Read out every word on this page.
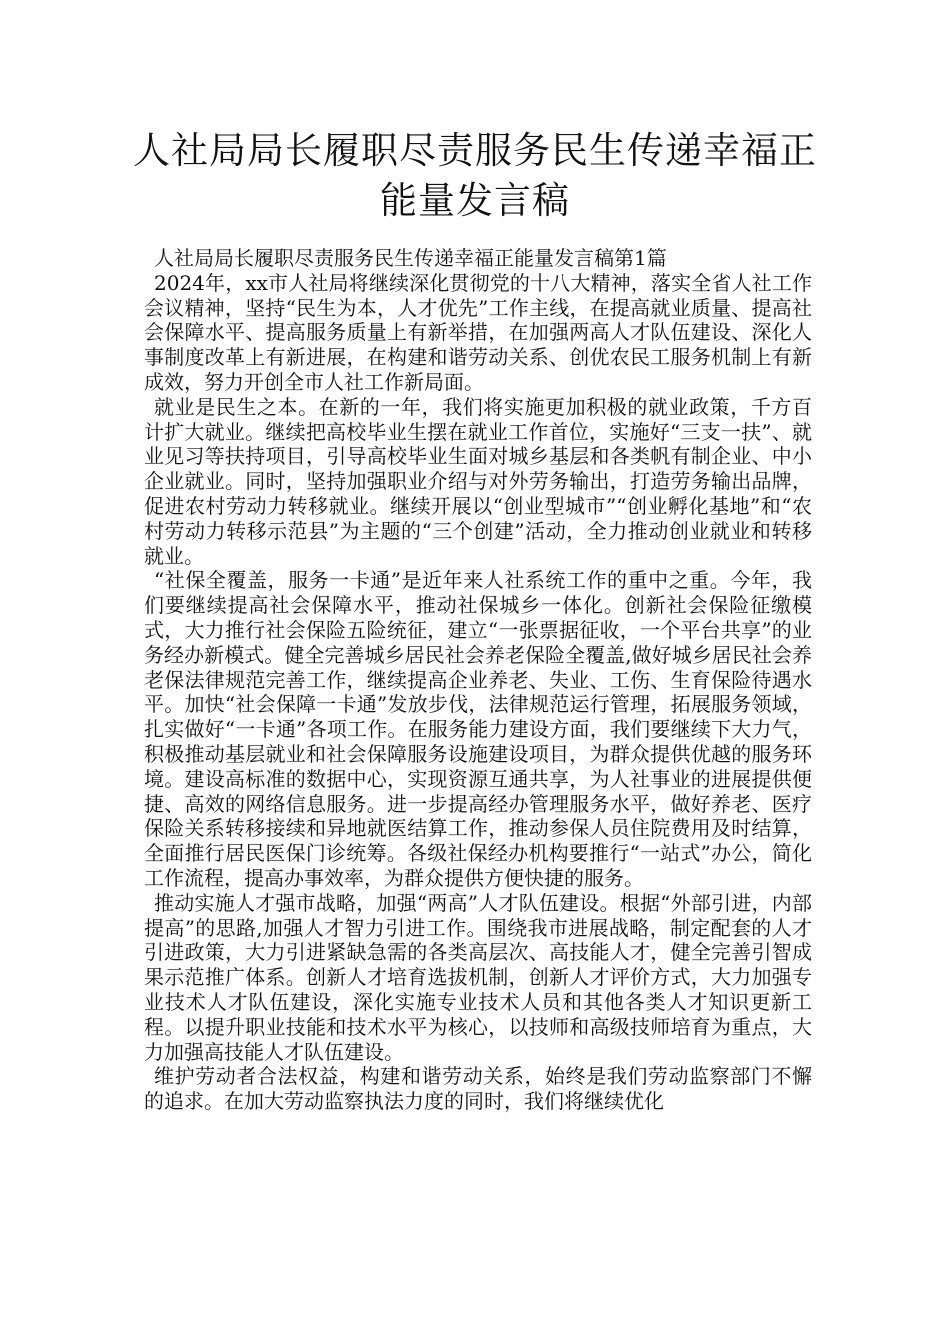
人社局局长履职尽责服务民生传递幸福正
能量发言稿

人社局局长履职尽责服务民生传递幸福正能量发言稿第1篇

2024年，xx市人社局将继续深化贯彻党的十八大精神，落实全省人社工作会议精神，坚持“民生为本，人才优先”工作主线，在提高就业质量、提高社会保障水平、提高服务质量上有新举措，在加强两高人才队伍建设、深化人事制度改革上有新进展，在构建和谐劳动关系、创优农民工服务机制上有新成效，努力开创全市人社工作新局面。

就业是民生之本。在新的一年，我们将实施更加积极的就业政策，千方百计扩大就业。继续把高校毕业生摆在就业工作首位，实施好“三支一扶”、就业见习等扶持项目，引导高校毕业生面对城乡基层和各类帆有制企业、中小企业就业。同时，坚持加强职业介绍与对外劳务输出，打造劳务输出品牌，促进农村劳动力转移就业。继续开展以“创业型城市”“创业孵化基地”和“农村劳动力转移示范县”为主题的“三个创建”活动，全力推动创业就业和转移就业。

“社保全覆盖，服务一卡通”是近年来人社系统工作的重中之重。今年，我们要继续提高社会保障水平，推动社保城乡一体化。创新社会保险征缴模式，大力推行社会保险五险统征，建立“一张票据征收，一个平台共享”的业务经办新模式。健全完善城乡居民社会养老保险全覆盖,做好城乡居民社会养老保法律规范完善工作，继续提高企业养老、失业、工伤、生育保险待遇水平。加快“社会保障一卡通”发放步伐，法律规范运行管理，拓展服务领域，扎实做好“一卡通”各项工作。在服务能力建设方面，我们要继续下大力气，积极推动基层就业和社会保障服务设施建设项目，为群众提供优越的服务环境。建设高标准的数据中心，实现资源互通共享，为人社事业的进展提供便捷、高效的网络信息服务。进一步提高经办管理服务水平，做好养老、医疗保险关系转移接续和异地就医结算工作，推动参保人员住院费用及时结算，全面推行居民医保门诊统筹。各级社保经办机构要推行“一站式”办公，简化工作流程，提高办事效率，为群众提供方便快捷的服务。

推动实施人才强市战略，加强“两高”人才队伍建设。根据“外部引进，内部提高”的思路,加强人才智力引进工作。围绕我市进展战略，制定配套的人才引进政策，大力引进紧缺急需的各类高层次、高技能人才，健全完善引智成果示范推广体系。创新人才培育选拔机制，创新人才评价方式，大力加强专业技术人才队伍建设，深化实施专业技术人员和其他各类人才知识更新工程。以提升职业技能和技术水平为核心，以技师和高级技师培育为重点，大力加强高技能人才队伍建设。

维护劳动者合法权益，构建和谐劳动关系，始终是我们劳动监察部门不懈的追求。在加大劳动监察执法力度的同时，我们将继续优化
